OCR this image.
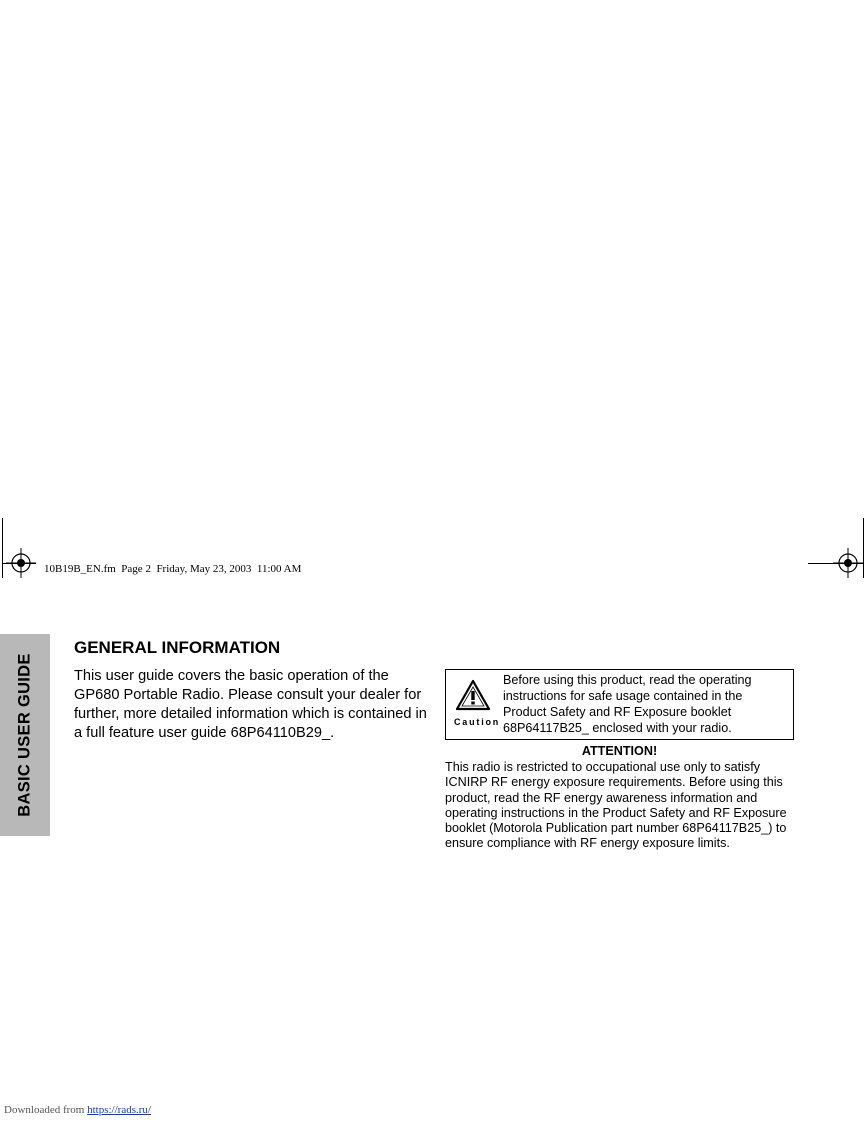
10B19B_EN.fm  Page 2  Friday, May 23, 2003  11:00 AM
BASIC USER GUIDE
GENERAL INFORMATION
This user guide covers the basic operation of the GP680 Portable Radio. Please consult your dealer for further, more detailed information which is contained in a full feature user guide 68P64110B29_.
Caution
Before using this product, read the operating instructions for safe usage contained in the Product Safety and RF Exposure booklet 68P64117B25_ enclosed with your radio.
ATTENTION!
This radio is restricted to occupational use only to satisfy ICNIRP RF energy exposure requirements. Before using this product, read the RF energy awareness information and operating instructions in the Product Safety and RF Exposure booklet (Motorola Publication part number 68P64117B25_) to ensure compliance with RF energy exposure limits.
Downloaded from https://rads.ru/
